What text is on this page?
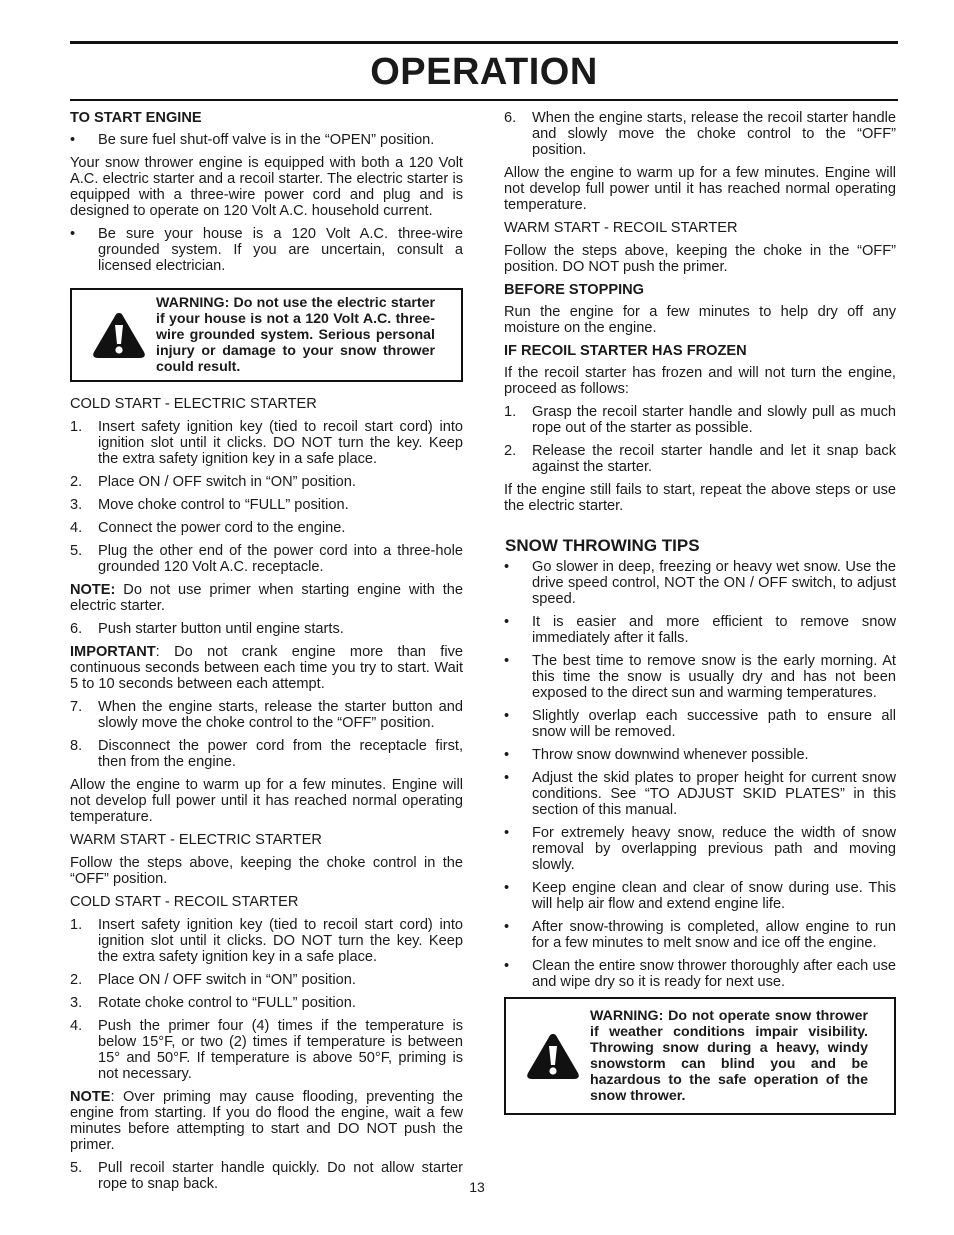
OPERATION
TO START ENGINE
•	Be sure fuel shut-off valve is in the “OPEN” position.

Your snow thrower engine is equipped with both a 120 Volt A.C. electric starter and a recoil starter. The electric starter is equipped with a three-wire power cord and plug and is designed to operate on 120 Volt A.C. household current.

•	Be sure your house is a 120 Volt A.C. three-wire grounded system. If you are uncertain, consult a licensed electrician.
WARNING: Do not use the electric starter if your house is not a 120 Volt A.C. three-wire grounded system. Serious personal injury or damage to your snow thrower could result.
COLD START - ELECTRIC STARTER
1.	Insert safety ignition key (tied to recoil start cord) into ignition slot until it clicks. DO NOT turn the key. Keep the extra safety ignition key in a safe place.
2.	Place ON / OFF switch in “ON” position.
3.	Move choke control to “FULL” position.
4.	Connect the power cord to the engine.
5.	Plug the other end of the power cord into a three-hole grounded 120 Volt A.C. receptacle.

NOTE: Do not use primer when starting engine with the electric starter.

6.	Push starter button until engine starts.

IMPORTANT: Do not crank engine more than five continuous seconds between each time you try to start. Wait 5 to 10 seconds between each attempt.

7.	When the engine starts, release the starter button and slowly move the choke control to the “OFF” position.
8.	Disconnect the power cord from the receptacle first, then from the engine.

Allow the engine to warm up for a few minutes. Engine will not develop full power until it has reached normal operating temperature.

WARM START - ELECTRIC STARTER

Follow the steps above, keeping the choke control in the “OFF” position.

COLD START - RECOIL STARTER
1.	Insert safety ignition key (tied to recoil start cord) into ignition slot until it clicks. DO NOT turn the key. Keep the extra safety ignition key in a safe place.
2.	Place ON / OFF switch in “ON” position.
3.	Rotate choke control to “FULL” position.
4.	Push the primer four (4) times if the temperature is below 15°F, or two (2) times if temperature is between 15° and 50°F. If temperature is above 50°F, priming is not necessary.

NOTE: Over priming may cause flooding, preventing the engine from starting. If you do flood the engine, wait a few minutes before attempting to start and DO NOT push the primer.

5.	Pull recoil starter handle quickly. Do not allow starter rope to snap back.
6.	When the engine starts, release the recoil starter handle and slowly move the choke control to the “OFF” position.

Allow the engine to warm up for a few minutes. Engine will not develop full power until it has reached normal operating temperature.

WARM START - RECOIL STARTER

Follow the steps above, keeping the choke in the “OFF” position. DO NOT push the primer.

BEFORE STOPPING

Run the engine for a few minutes to help dry off any moisture on the engine.

IF RECOIL STARTER HAS FROZEN

If the recoil starter has frozen and will not turn the engine, proceed as follows:

1.	Grasp the recoil starter handle and slowly pull as much rope out of the starter as possible.
2.	Release the recoil starter handle and let it snap back against the starter.

If the engine still fails to start, repeat the above steps or use the electric starter.

SNOW THROWING TIPS
•	Go slower in deep, freezing or heavy wet snow. Use the drive speed control, NOT the ON / OFF switch, to adjust speed.
•	It is easier and more efficient to remove snow immediately after it falls.
•	The best time to remove snow is the early morning. At this time the snow is usually dry and has not been exposed to the direct sun and warming temperatures.
•	Slightly overlap each successive path to ensure all snow will be removed.
•	Throw snow downwind whenever possible.
•	Adjust the skid plates to proper height for current snow conditions. See “TO ADJUST SKID PLATES” in this section of this manual.
•	For extremely heavy snow, reduce the width of snow removal by overlapping previous path and moving slowly.
•	Keep engine clean and clear of snow during use. This will help air flow and extend engine life.
•	After snow-throwing is completed, allow engine to run for a few minutes to melt snow and ice off the engine.
•	Clean the entire snow thrower thoroughly after each use and wipe dry so it is ready for next use.
WARNING: Do not operate snow thrower if weather conditions impair visibility. Throwing snow during a heavy, windy snowstorm can blind you and be hazardous to the safe operation of the snow thrower.
13
